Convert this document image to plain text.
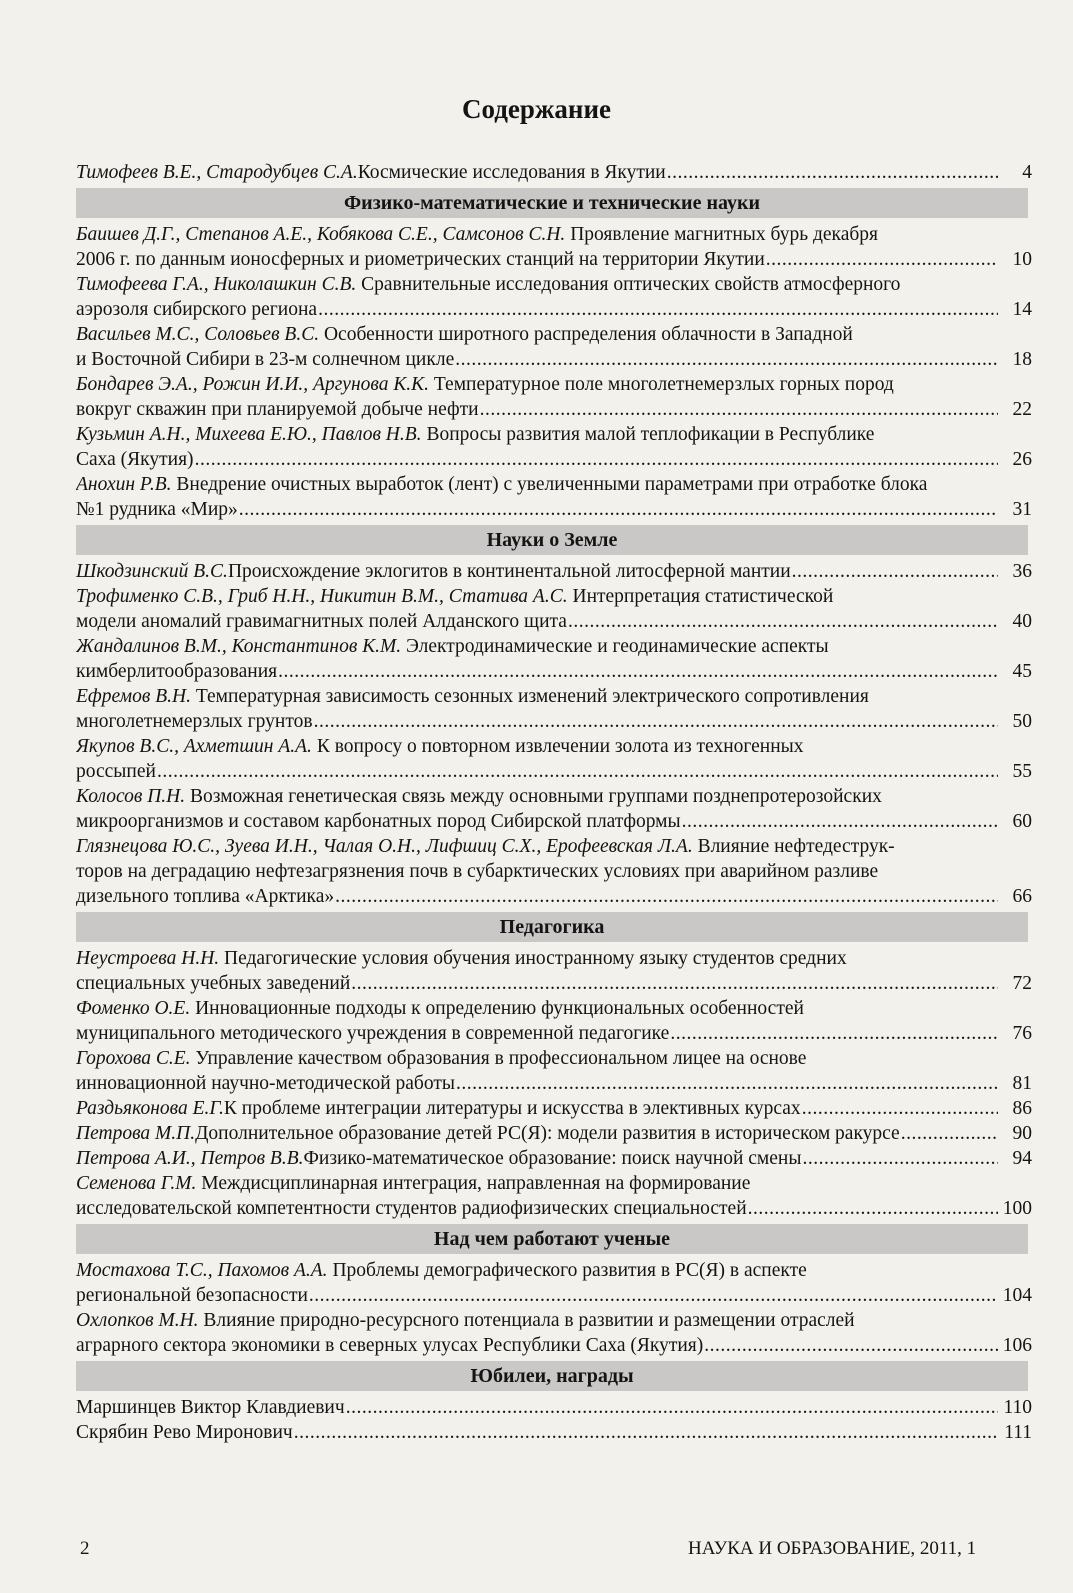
Содержание
Тимофеев В.Е., Стародубцев С.А. Космические исследования в Якутии .....	4
Физико-математические и технические науки
Баишев Д.Г., Степанов А.Е., Кобякова С.Е., Самсонов С.Н. Проявление магнитных бурь декабря
2006 г. по данным ионосферных и риометрических станций на территории Якутии .....	10
Тимофеева Г.А., Николашкин С.В. Сравнительные исследования оптических свойств атмосферного
аэрозоля сибирского региона .....	14
Васильев М.С., Соловьев В.С. Особенности широтного распределения облачности в Западной
и Восточной Сибири в 23-м солнечном цикле .....	18
Бондарев Э.А., Рожин И.И., Аргунова К.К. Температурное поле многолетнемерзлых горных пород
вокруг скважин при планируемой добыче нефти .....	22
Кузьмин А.Н., Михеева Е.Ю., Павлов Н.В. Вопросы развития малой теплофикации в Республике
Саха (Якутия) .....	26
Анохин Р.В. Внедрение очистных выработок (лент) с увеличенными параметрами при отработке блока
№1 рудника «Мир» .....	31
Науки о Земле
Шкодзинский В.С. Происхождение эклогитов в континентальной литосферной мантии .....	36
Трофименко С.В., Гриб Н.Н., Никитин В.М., Статива А.С. Интерпретация статистической
модели аномалий гравимагнитных полей Алданского щита .....	40
Жандалинов В.М., Константинов К.М. Электродинамические и геодинамические аспекты
кимберлитообразования .....	45
Ефремов В.Н. Температурная зависимость сезонных изменений электрического сопротивления
многолетнемерзлых грунтов .....	50
Якупов В.С., Ахметшин А.А. К вопросу о повторном извлечении золота из техногенных
россыпей .....	55
Колосов П.Н. Возможная генетическая связь между основными группами позднепротерозойских
микроорганизмов и составом карбонатных пород Сибирской платформы .....	60
Глязнецова Ю.С., Зуева И.Н., Чалая О.Н., Лифшиц С.Х., Ерофеевская Л.А. Влияние нефтедеструк-
торов на деградацию нефтезагрязнения почв в субарктических условиях при аварийном разливе
дизельного топлива «Арктика» .....	66
Педагогика
Неустроева Н.Н. Педагогические условия обучения иностранному языку студентов средних
специальных учебных заведений .....	72
Фоменко О.Е. Инновационные подходы к определению функциональных особенностей
муниципального методического учреждения в современной педагогике .....	76
Горохова С.Е. Управление качеством образования в профессиональном лицее на основе
инновационной научно-методической работы .....	81
Раздьяконова Е.Г. К проблеме интеграции литературы и искусства в элективных курсах .....	86
Петрова М.П. Дополнительное образование детей РС(Я): модели развития в историческом ракурсе .....	90
Петрова А.И., Петров В.В. Физико-математическое образование: поиск научной смены .....	94
Семенова Г.М. Междисциплинарная интеграция, направленная на формирование
исследовательской компетентности студентов радиофизических специальностей .....	100
Над чем работают ученые
Мостахова Т.С., Пахомов А.А. Проблемы демографического развития в РС(Я) в аспекте
региональной безопасности .....	104
Охлопков М.Н. Влияние природно-ресурсного потенциала в развитии и размещении отраслей
аграрного сектора экономики в северных улусах Республики Саха (Якутия) .....	106
Юбилеи, награды
Маршинцев Виктор Клавдиевич .....	110
Скрябин Рево Миронович .....	111
2	НАУКА И ОБРАЗОВАНИЕ, 2011, 1
